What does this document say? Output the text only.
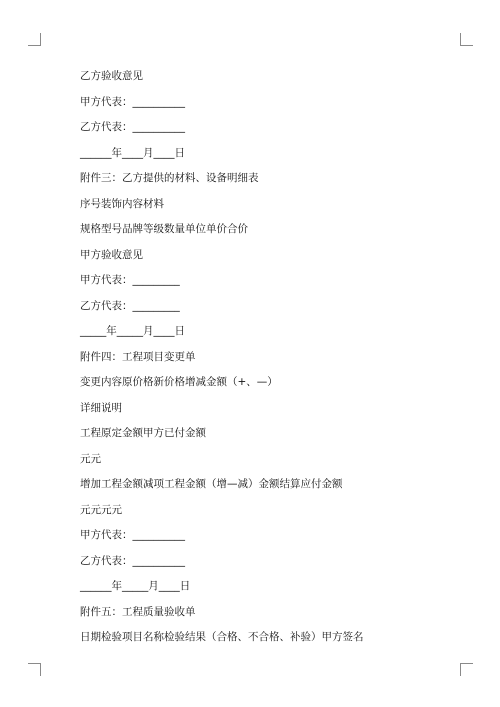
乙方验收意见
甲方代表：__________
乙方代表：__________
______年____月____日
附件三：乙方提供的材料、设备明细表
序号装饰内容材料
规格型号品牌等级数量单位单价合价
甲方验收意见
甲方代表：_________
乙方代表：_________
_____年_____月____日
附件四：工程项目变更单
变更内容原价格新价格增减金额（+、—）
详细说明
工程原定金额甲方已付金额
元元
增加工程金额减项工程金额（增—减）金额结算应付金额
元元元元
甲方代表：__________
乙方代表：__________
______年_____月____日
附件五：工程质量验收单
日期检验项目名称检验结果（合格、不合格、补验）甲方签名
